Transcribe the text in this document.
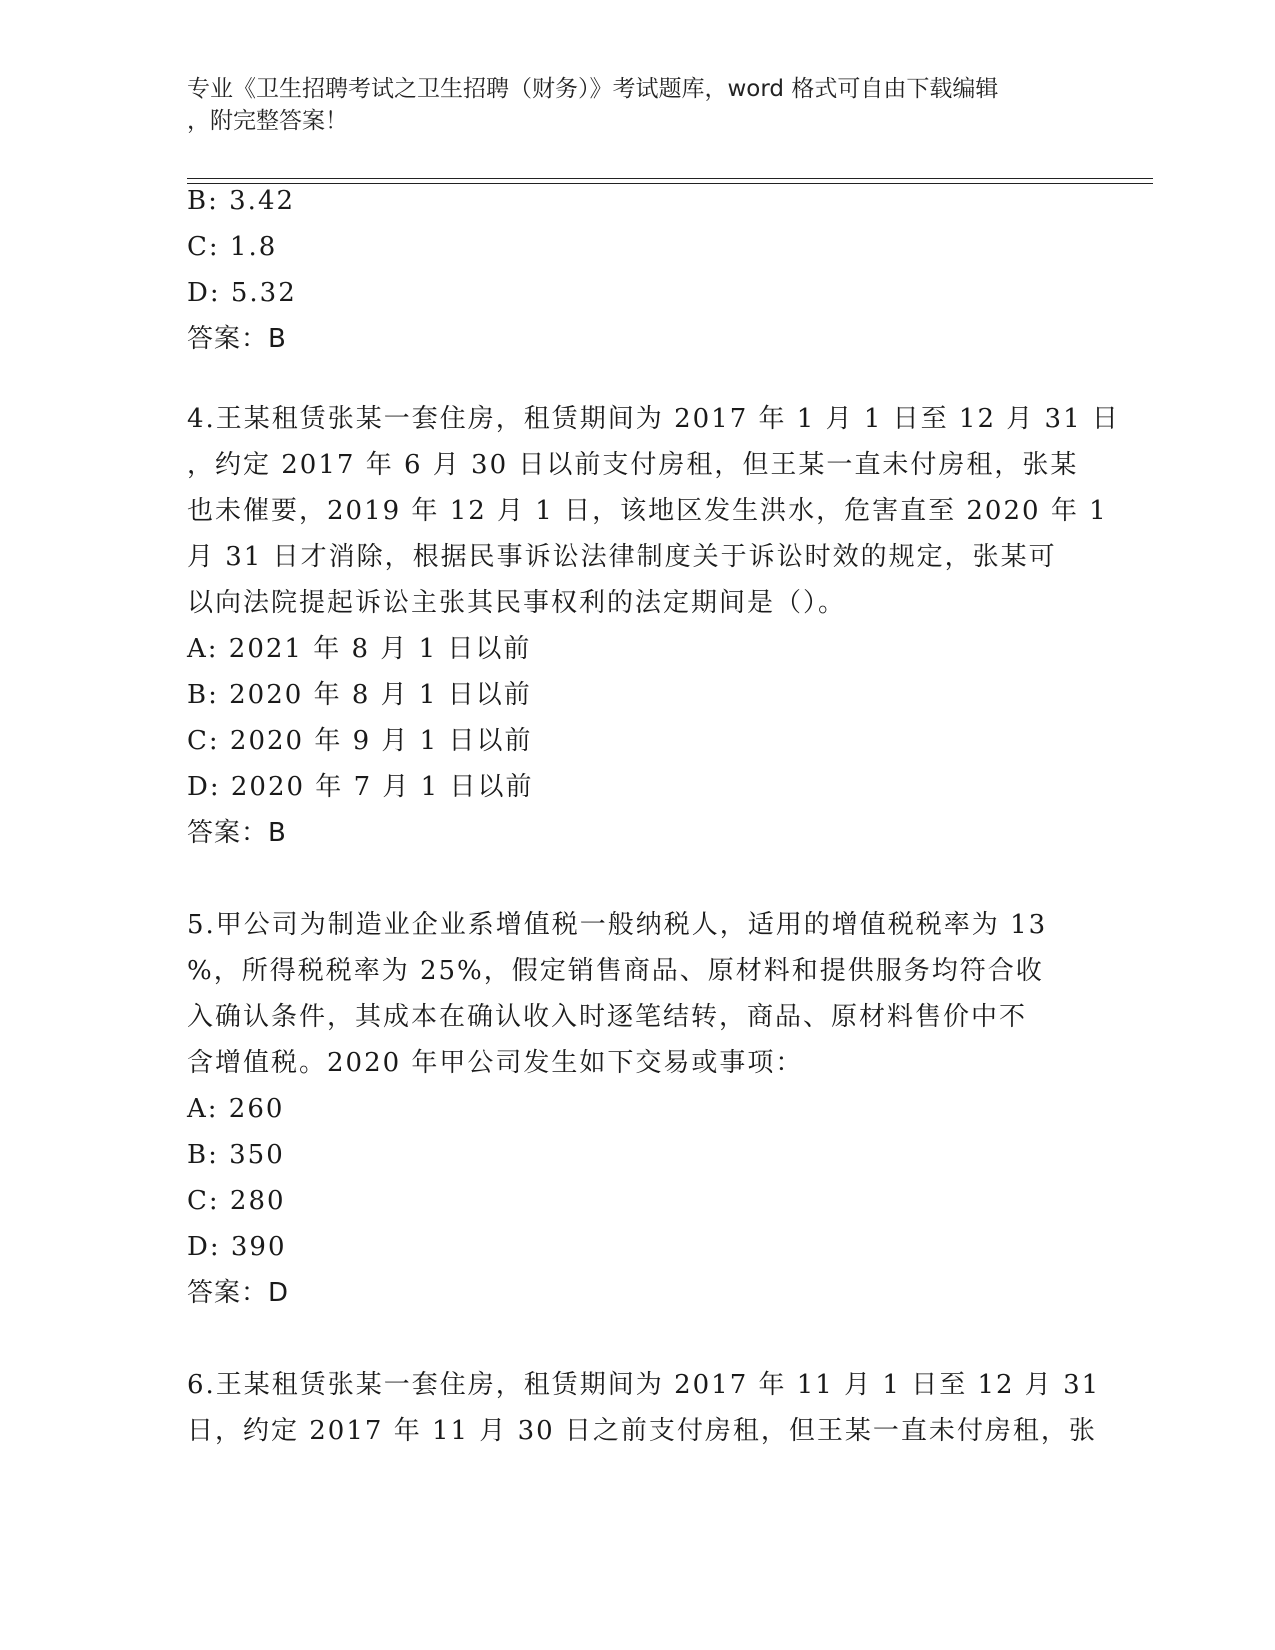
专业《卫生招聘考试之卫生招聘（财务）》考试题库，word 格式可自由下载编辑
，附完整答案！
B: 3.42
C: 1.8
D: 5.32
答案：B
4.王某租赁张某一套住房，租赁期间为 2017 年 1 月 1 日至 12 月 31 日
，约定 2017 年 6 月 30 日以前支付房租，但王某一直未付房租，张某
也未催要，2019 年 12 月 1 日，该地区发生洪水，危害直至 2020 年 1
月 31 日才消除，根据民事诉讼法律制度关于诉讼时效的规定，张某可
以向法院提起诉讼主张其民事权利的法定期间是（）。
A: 2021 年 8 月 1 日以前
B: 2020 年 8 月 1 日以前
C: 2020 年 9 月 1 日以前
D: 2020 年 7 月 1 日以前
答案：B
5.甲公司为制造业企业系增值税一般纳税人，适用的增值税税率为 13
%，所得税税率为 25%，假定销售商品、原材料和提供服务均符合收
入确认条件，其成本在确认收入时逐笔结转，商品、原材料售价中不
含增值税。2020 年甲公司发生如下交易或事项：
A: 260
B: 350
C: 280
D: 390
答案：D
6.王某租赁张某一套住房，租赁期间为 2017 年 11 月 1 日至 12 月 31
日，约定 2017 年 11 月 30 日之前支付房租，但王某一直未付房租，张
